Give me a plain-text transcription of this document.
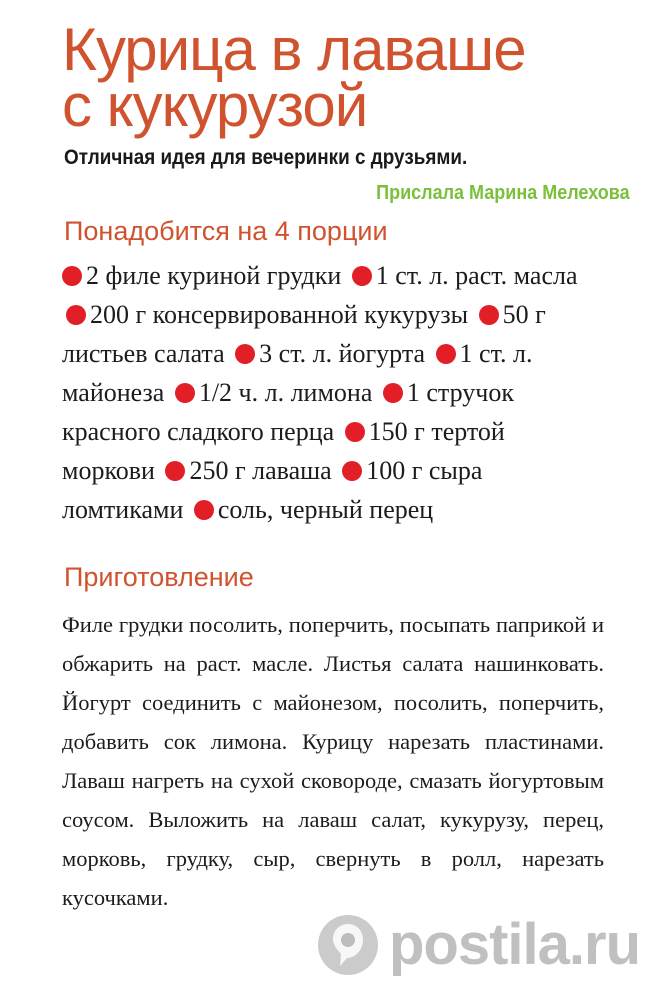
Курица в лаваше
с кукурузой
Отличная идея для вечеринки с друзьями.
Прислала Марина Мелехова
Понадобится на 4 порции

2 филе куриной грудки 1 ст. л. раст. масла 200 г консервированной кукурузы 50 г листьев салата 3 ст. л. йогурта 1 ст. л. майонеза 1/2 ч. л. лимона 1 стручок красного сладкого перца 150 г тертой моркови 250 г лаваша 100 г сыра ломтиками соль, черный перец

Приготовление

Филе грудки посолить, поперчить, посыпать паприкой и обжарить на раст. масле. Листья салата нашинковать. Йогурт соединить с майонезом, посолить, поперчить, добавить сок лимона. Курицу нарезать пластинами. Лаваш нагреть на сухой сковороде, смазать йогуртовым соусом. Выложить на лаваш салат, кукурузу, перец, морковь, грудку, сыр, свернуть в ролл, нарезать кусочками.

postila.ru
